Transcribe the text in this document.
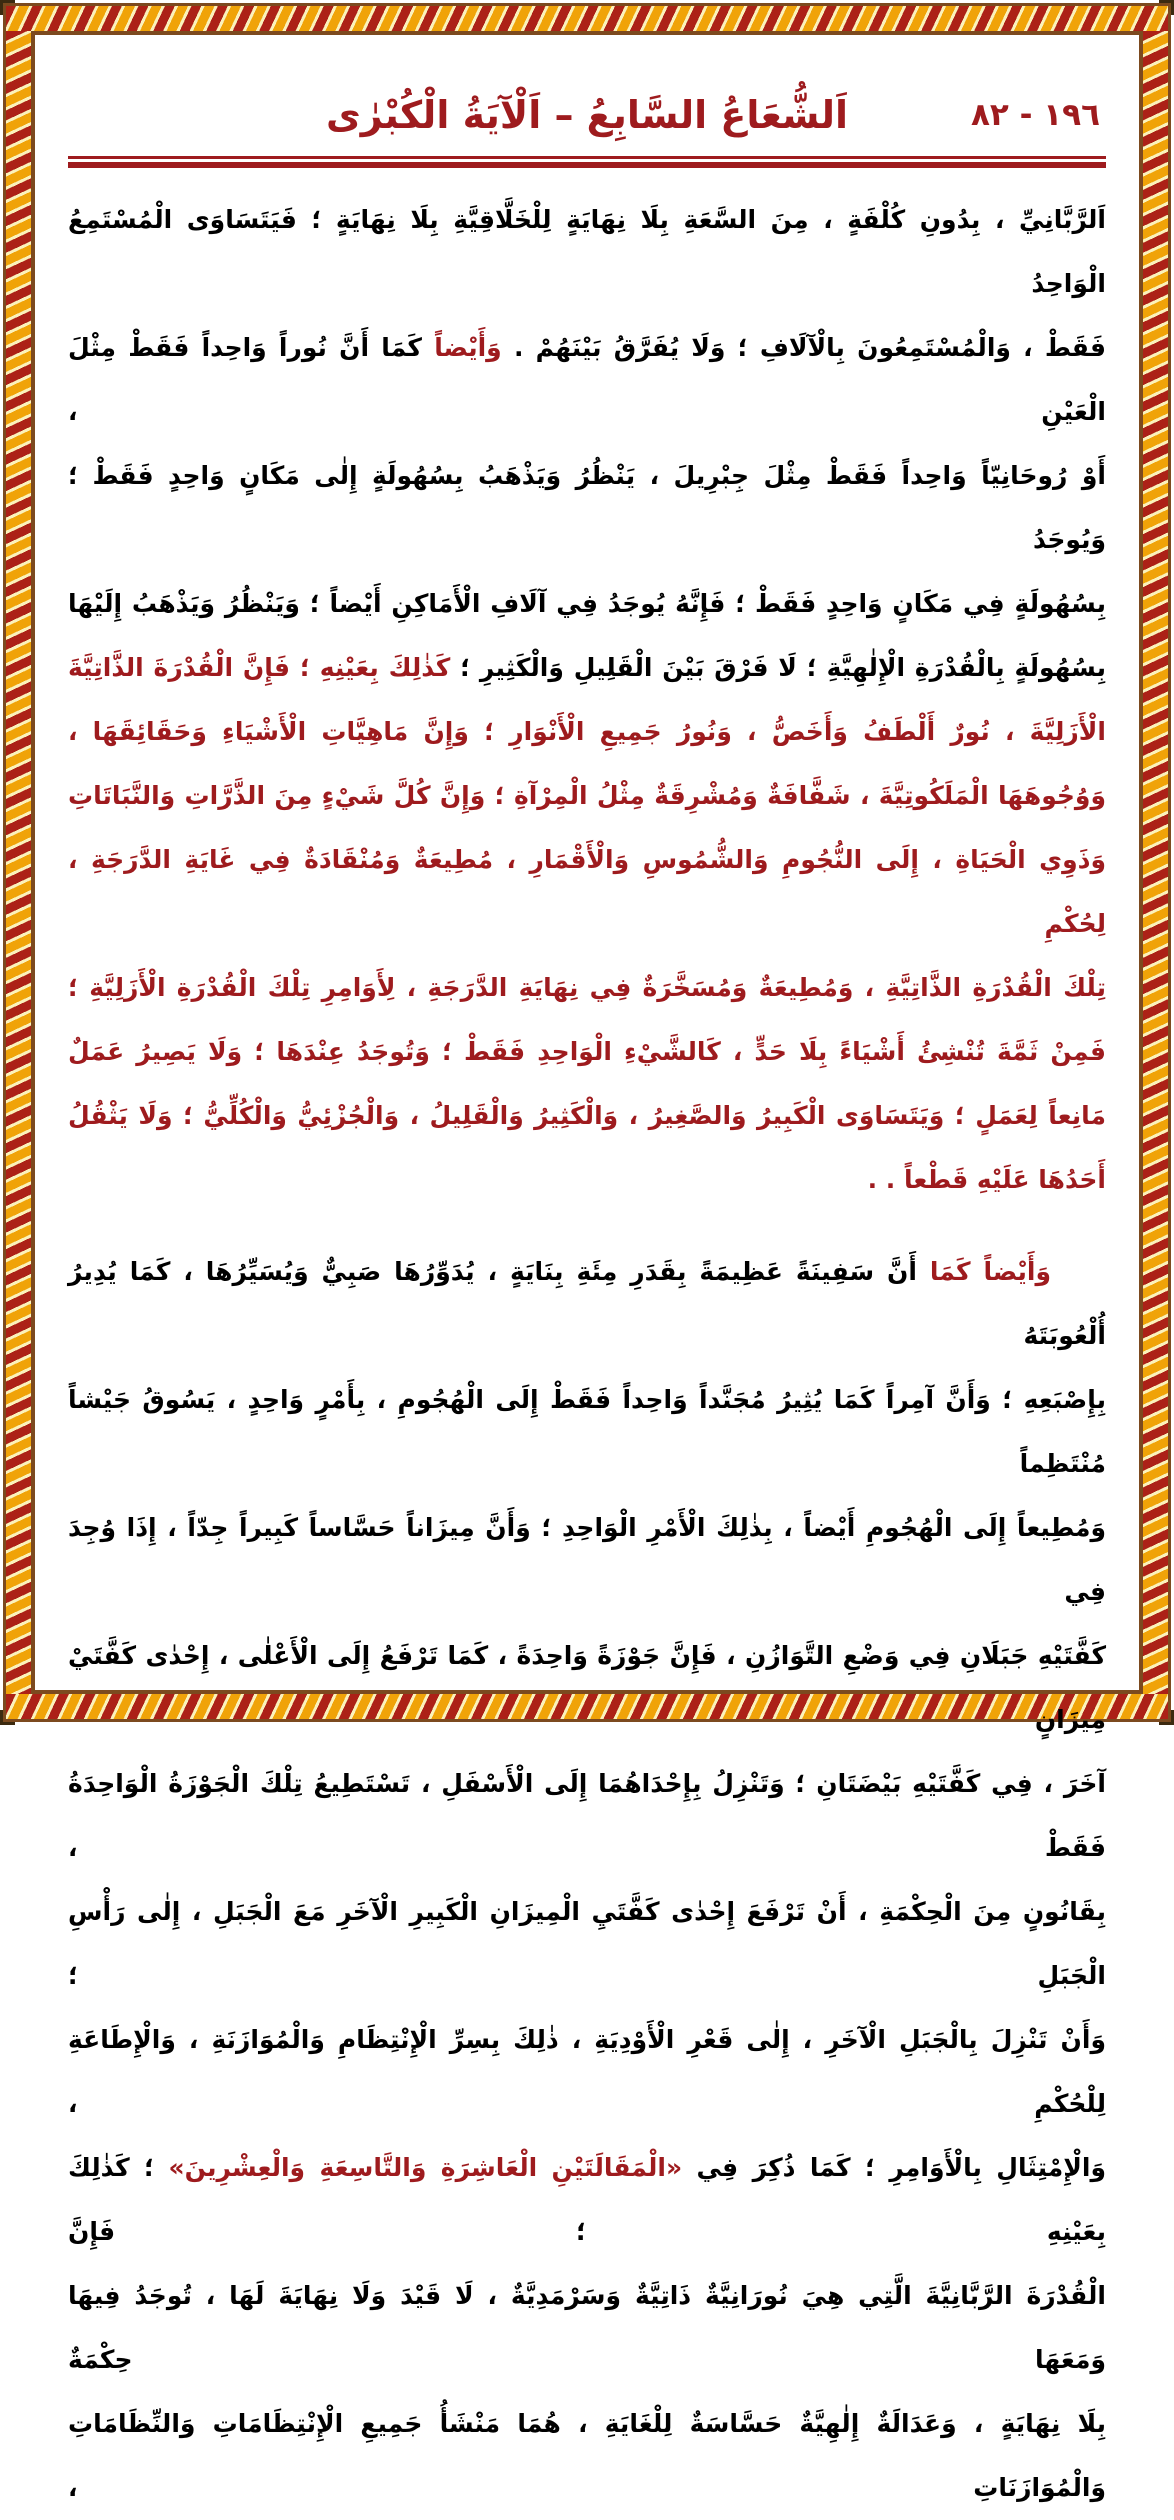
اَلشُّعَاعُ السَّابِعُ – اَلْآيَةُ الْكُبْرٰى	١٩٦ - ٨٢
اَلرَّبَّانِيِّ ، بِدُونِ كُلْفَةٍ ، مِنَ السَّعَةِ بِلَا نِهَايَةٍ لِلْخَلَّاقِيَّةِ بِلَا نِهَايَةٍ ؛ فَيَتَسَاوَى الْمُسْتَمِعُ الْوَاحِدُ
فَقَطْ ، وَالْمُسْتَمِعُونَ بِالْآلَافِ ؛ وَلَا يُفَرَّقُ بَيْنَهُمْ . وَأَيْضاً كَمَا أَنَّ نُوراً وَاحِداً فَقَطْ مِثْلَ الْعَيْنِ ،
أَوْ رُوحَانِيّاً وَاحِداً فَقَطْ مِثْلَ جِبْرِيلَ ، يَنْظُرُ وَيَذْهَبُ بِسُهُولَةٍ إِلٰى مَكَانٍ وَاحِدٍ فَقَطْ ؛ وَيُوجَدُ
بِسُهُولَةٍ فِي مَكَانٍ وَاحِدٍ فَقَطْ ؛ فَإِنَّهُ يُوجَدُ فِي آلَافِ الْأَمَاكِنِ أَيْضاً ؛ وَيَنْظُرُ وَيَذْهَبُ إِلَيْهَا
بِسُهُولَةٍ بِالْقُدْرَةِ الْإِلٰهِيَّةِ ؛ لَا فَرْقَ بَيْنَ الْقَلِيلِ وَالْكَثِيرِ ؛ كَذٰلِكَ بِعَيْنِهِ ؛ فَإِنَّ الْقُدْرَةَ الذَّاتِيَّةَ
الْأَزَلِيَّةَ ، نُورٌ أَلْطَفُ وَأَخَصُّ ، وَنُورُ جَمِيعِ الْأَنْوَارِ ؛ وَإِنَّ مَاهِيَّاتِ الْأَشْيَاءِ وَحَقَائِقَهَا ،
وَوُجُوهَهَا الْمَلَكُوتِيَّةَ ، شَفَّافَةٌ وَمُشْرِقَةٌ مِثْلُ الْمِرْآةِ ؛ وَإِنَّ كُلَّ شَيْءٍ مِنَ الذَّرَّاتِ وَالنَّبَاتَاتِ
وَذَوِي الْحَيَاةِ ، إِلَى النُّجُومِ وَالشُّمُوسِ وَالْأَقْمَارِ ، مُطِيعَةٌ وَمُنْقَادَةٌ فِي غَايَةِ الدَّرَجَةِ ، لِحُكْمِ
تِلْكَ الْقُدْرَةِ الذَّاتِيَّةِ ، وَمُطِيعَةٌ وَمُسَخَّرَةٌ فِي نِهَايَةِ الدَّرَجَةِ ، لِأَوَامِرِ تِلْكَ الْقُدْرَةِ الْأَزَلِيَّةِ ؛
فَمِنْ ثَمَّةَ تُنْشِئُ أَشْيَاءً بِلَا حَدٍّ ، كَالشَّيْءِ الْوَاحِدِ فَقَطْ ؛ وَتُوجَدُ عِنْدَهَا ؛ وَلَا يَصِيرُ عَمَلٌ
مَانِعاً لِعَمَلٍ ؛ وَيَتَسَاوَى الْكَبِيرُ وَالصَّغِيرُ ، وَالْكَثِيرُ وَالْقَلِيلُ ، وَالْجُزْئِيُّ وَالْكُلِّيُّ ؛ وَلَا يَثْقُلُ
أَحَدُهَا عَلَيْهِ قَطْعاً . .
وَأَيْضاً كَمَا أَنَّ سَفِينَةً عَظِيمَةً بِقَدَرِ مِئَةِ بِنَايَةٍ ، يُدَوِّرُهَا صَبِيٌّ وَيُسَيِّرُهَا ، كَمَا يُدِيرُ أُلْعُوبَتَهُ
بِإِصْبَعِهِ ؛ وَأَنَّ آمِراً كَمَا يُثِيرُ مُجَنَّداً وَاحِداً فَقَطْ إِلَى الْهُجُومِ ، بِأَمْرٍ وَاحِدٍ ، يَسُوقُ جَيْشاً مُنْتَظِماً
وَمُطِيعاً إِلَى الْهُجُومِ أَيْضاً ، بِذٰلِكَ الْأَمْرِ الْوَاحِدِ ؛ وَأَنَّ مِيزَاناً حَسَّاساً كَبِيراً جِدّاً ، إِذَا وُجِدَ فِي
كَفَّتَيْهِ جَبَلَانِ فِي وَضْعِ التَّوَازُنِ ، فَإِنَّ جَوْزَةً وَاحِدَةً ، كَمَا تَرْفَعُ إِلَى الْأَعْلٰى ، إِحْدٰى كَفَّتَيْ مِيزَانٍ
آخَرَ ، فِي كَفَّتَيْهِ بَيْضَتَانِ ؛ وَتَنْزِلُ بِإِحْدَاهُمَا إِلَى الْأَسْفَلِ ، تَسْتَطِيعُ تِلْكَ الْجَوْزَةُ الْوَاحِدَةُ فَقَطْ ،
بِقَانُونٍ مِنَ الْحِكْمَةِ ، أَنْ تَرْفَعَ إِحْدٰى كَفَّتَيِ الْمِيزَانِ الْكَبِيرِ الْآخَرِ مَعَ الْجَبَلِ ، إِلٰى رَأْسِ الْجَبَلِ ؛
وَأَنْ تَنْزِلَ بِالْجَبَلِ الْآخَرِ ، إِلٰى قَعْرِ الْأَوْدِيَةِ ، ذٰلِكَ بِسِرِّ الْإِنْتِظَامِ وَالْمُوَازَنَةِ ، وَالْإِطَاعَةِ لِلْحُكْمِ ،
وَالْإِمْتِثَالِ بِالْأَوَامِرِ ؛ كَمَا ذُكِرَ فِي «الْمَقَالَتَيْنِ الْعَاشِرَةِ وَالتَّاسِعَةِ وَالْعِشْرِينَ» ؛ كَذٰلِكَ بِعَيْنِهِ ؛ فَإِنَّ
الْقُدْرَةَ الرَّبَّانِيَّةَ الَّتِي هِيَ نُورَانِيَّةٌ ذَاتِيَّةٌ وَسَرْمَدِيَّةٌ ، لَا قَيْدَ وَلَا نِهَايَةَ لَهَا ، تُوجَدُ فِيهَا وَمَعَهَا حِكْمَةٌ
بِلَا نِهَايَةٍ ، وَعَدَالَةٌ إِلٰهِيَّةٌ حَسَّاسَةٌ لِلْغَايَةِ ، هُمَا مَنْشَأُ جَمِيعِ الْإِنْتِظَامَاتِ وَالنِّظَامَاتِ وَالْمُوَازَنَاتِ ،
